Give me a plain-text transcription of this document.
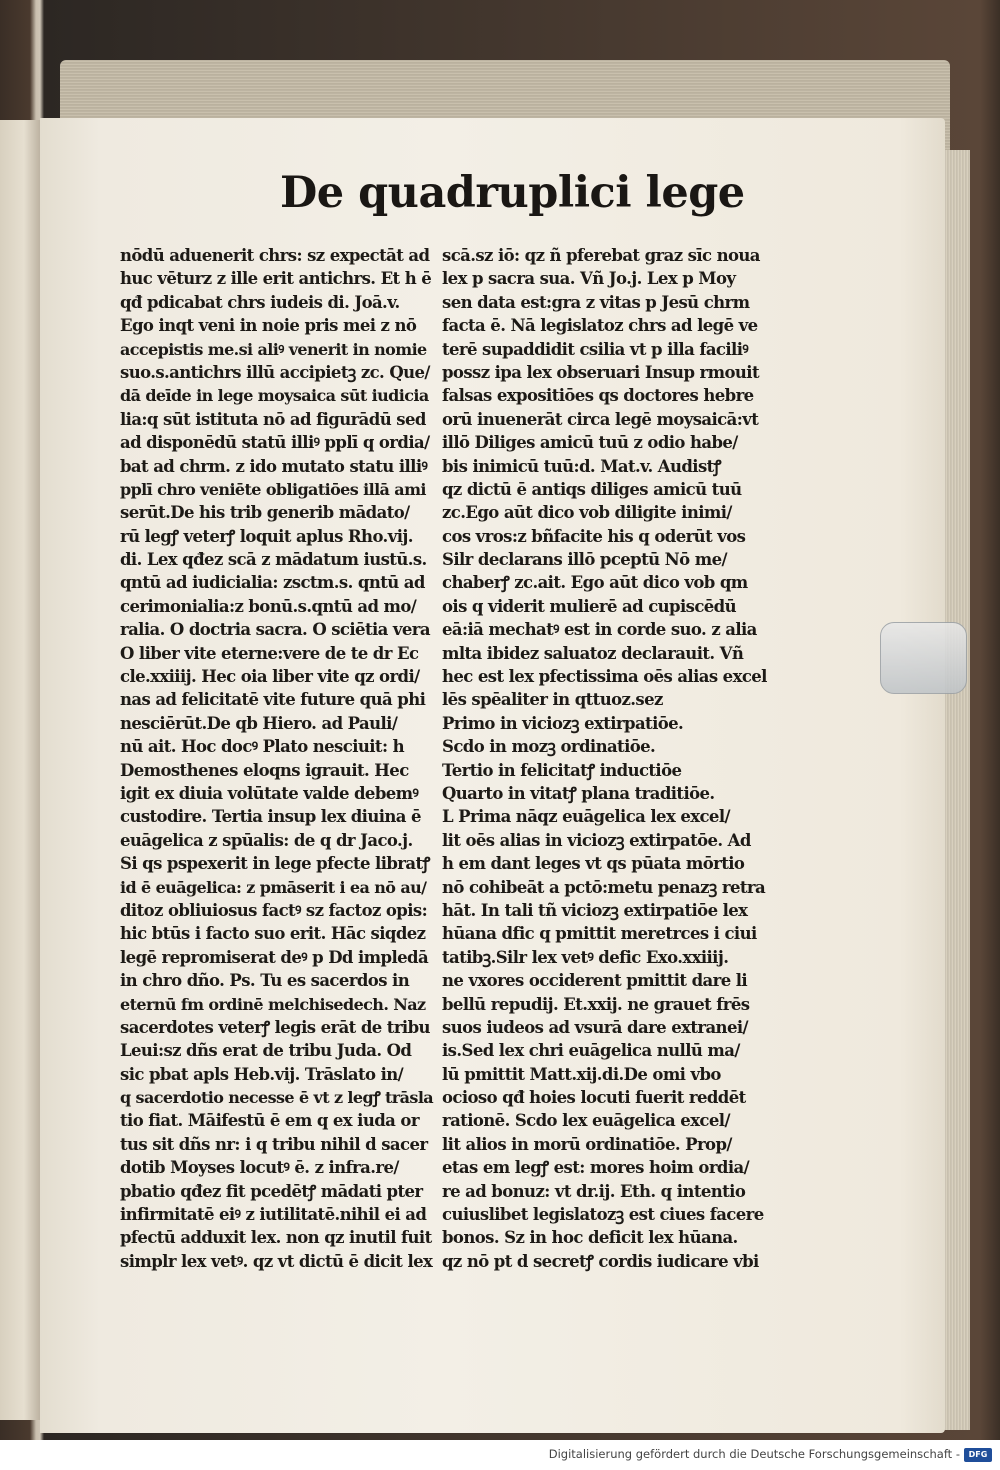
De quadruplici lege
nōdū aduenerit chrs: sz expectāt ad
huc vēturz z ille erit antichrs. Et h ē
qđ pdicabat chrs iudeis di. Joā.v.
Ego inqt veni in noie pris mei z nō
accepistis me.si aliꝰ venerit in nomie
suo.s.antichrs illū accipietꝫ zc. Que/
dā deīde in lege moysaica sūt iudicia
lia:q sūt istituta nō ad figurādū sed
ad disponēdū statū illiꝰ pplī q ordia/
bat ad chrm. z ido mutato statu illiꝰ
pplī chro veniēte obligatiōes illā ami
serūt.De his trib generib mādato/
rū legꝭ veterꝭ loquit aplus Rho.vij.
di. Lex qđez scā z mādatum iustū.s.
qntū ad iudicialia: zsctm.s. qntū ad
cerimonialia:z bonū.s.qntū ad mo/
ralia. O doctria sacra. O sciētia vera
O liber vite eterne:vere de te dr Ec
cle.xxiiij. Hec oia liber vite qz ordi/
nas ad felicitatē vite future quā phi
nesciērūt.De qb Hiero. ad Pauli/
nū ait. Hoc docꝰ Plato nesciuit: h
Demosthenes eloqns igrauit. Hec
igit ex diuia volūtate valde debemꝰ
custodire. Tertia insup lex diuina ē
euāgelica z spūalis: de q dr Jaco.j.
Si qs pspexerit in lege pfecte libratꝭ
id ē euāgelica: z pmāserit i ea nō au/
ditoz obliuiosus factꝰ sz factoz opis:
hic btūs i facto suo erit. Hāc siqdez
legē repromiserat deꝰ p Dd impledā
in chro dño. Ps. Tu es sacerdos in
eternū fm ordinē melchisedech. Naz
sacerdotes veterꝭ legis erāt de tribu
Leui:sz dñs erat de tribu Juda. Od
sic pbat apls Heb.vij. Trāslato in/
q sacerdotio necesse ē vt z legꝭ trāsla
tio fiat. Māifestū ē em q ex iuda or
tus sit dñs nr: i q tribu nihil d sacer
dotib Moyses locutꝰ ē. z infra.re/
pbatio qđez fit pcedētꝭ mādati pter
infirmitatē eiꝰ z iutilitatē.nihil ei ad
pfectū adduxit lex. non qz inutil fuit
simplr lex vetꝰ. qz vt dictū ē dicit lex
scā.sz iō: qz ñ pferebat graz sīc noua
lex p sacra sua. Vñ Jo.j. Lex p Moy
sen data est:gra z vitas p Jesū chrm
facta ē. Nā legislatoz chrs ad legē ve
terē supaddidit csilia vt p illa faciliꝰ
possz ipa lex obseruari Insup rmouit
falsas expositiōes qs doctores hebre
orū inuenerāt circa legē moysaicā:vt
illō Diliges amicū tuū z odio habe/
bis inimicū tuū:d. Mat.v. Audistꝭ
qz dictū ē antiqs diliges amicū tuū
zc.Ego aūt dico vob diligite inimi/
cos vros:z bñfacite his q oderūt vos
Silr declarans illō pceptū Nō me/
chaberꝭ zc.ait. Ego aūt dico vob qm
ois q viderit mulierē ad cupiscēdū
eā:iā mechatꝰ est in corde suo. z alia
mlta ibidez saluatoz declarauit. Vñ
hec est lex pfectissima oēs alias excel
lēs spēaliter in qttuoz.sez
Primo in viciozꝫ extirpatiōe.
Scdo in mozꝫ ordinatiōe.
Tertio in felicitatꝭ inductiōe
Quarto in vitatꝭ plana traditiōe.
L Prima nāqz euāgelica lex excel/
lit oēs alias in viciozꝫ extirpatōe. Ad
h em dant leges vt qs pūata mōrtio
nō cohibeāt a pctō:metu penazꝫ retra
hāt. In tali tñ viciozꝫ extirpatiōe lex
hūana dfic q pmittit meretrces i ciui
tatibꝫ.Silr lex vetꝰ defic Exo.xxiiij.
ne vxores occiderent pmittit dare li
bellū repudij. Et.xxij. ne grauet frēs
suos iudeos ad vsurā dare extranei/
is.Sed lex chri euāgelica nullū ma/
lū pmittit Matt.xij.di.De omi vbo
ocioso qđ hoies locuti fuerit reddēt
rationē. Scdo lex euāgelica excel/
lit alios in morū ordinatiōe. Prop/
etas em legꝭ est: mores hoim ordia/
re ad bonuz: vt dr.ij. Eth. q intentio
cuiuslibet legislatozꝫ est ciues facere
bonos. Sz in hoc deficit lex hūana.
qz nō pt d secretꝭ cordis iudicare vbi
Digitalisierung gefördert durch die Deutsche Forschungsgemeinschaft -	DFG
